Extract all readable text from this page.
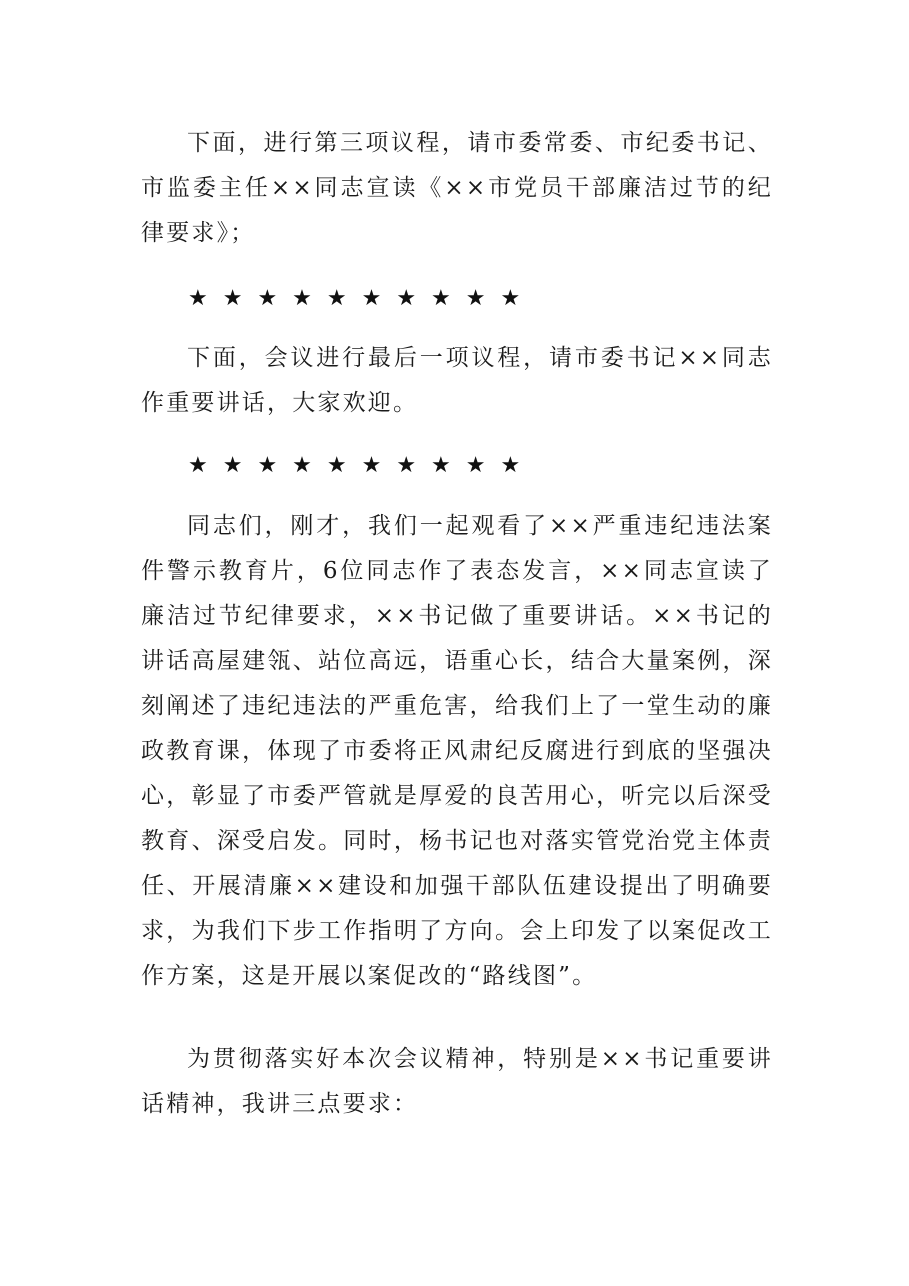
下面，进行第三项议程，请市委常委、市纪委书记、市监委主任××同志宣读《××市党员干部廉洁过节的纪律要求》；

★★★★★★★★★★

下面，会议进行最后一项议程，请市委书记××同志作重要讲话，大家欢迎。

★★★★★★★★★★

同志们，刚才，我们一起观看了××严重违纪违法案件警示教育片，6位同志作了表态发言，××同志宣读了廉洁过节纪律要求，××书记做了重要讲话。××书记的讲话高屋建瓴、站位高远，语重心长，结合大量案例，深刻阐述了违纪违法的严重危害，给我们上了一堂生动的廉政教育课，体现了市委将正风肃纪反腐进行到底的坚强决心，彰显了市委严管就是厚爱的良苦用心，听完以后深受教育、深受启发。同时，杨书记也对落实管党治党主体责任、开展清廉××建设和加强干部队伍建设提出了明确要求，为我们下步工作指明了方向。会上印发了以案促改工作方案，这是开展以案促改的“路线图”。

为贯彻落实好本次会议精神，特别是××书记重要讲话精神，我讲三点要求：
